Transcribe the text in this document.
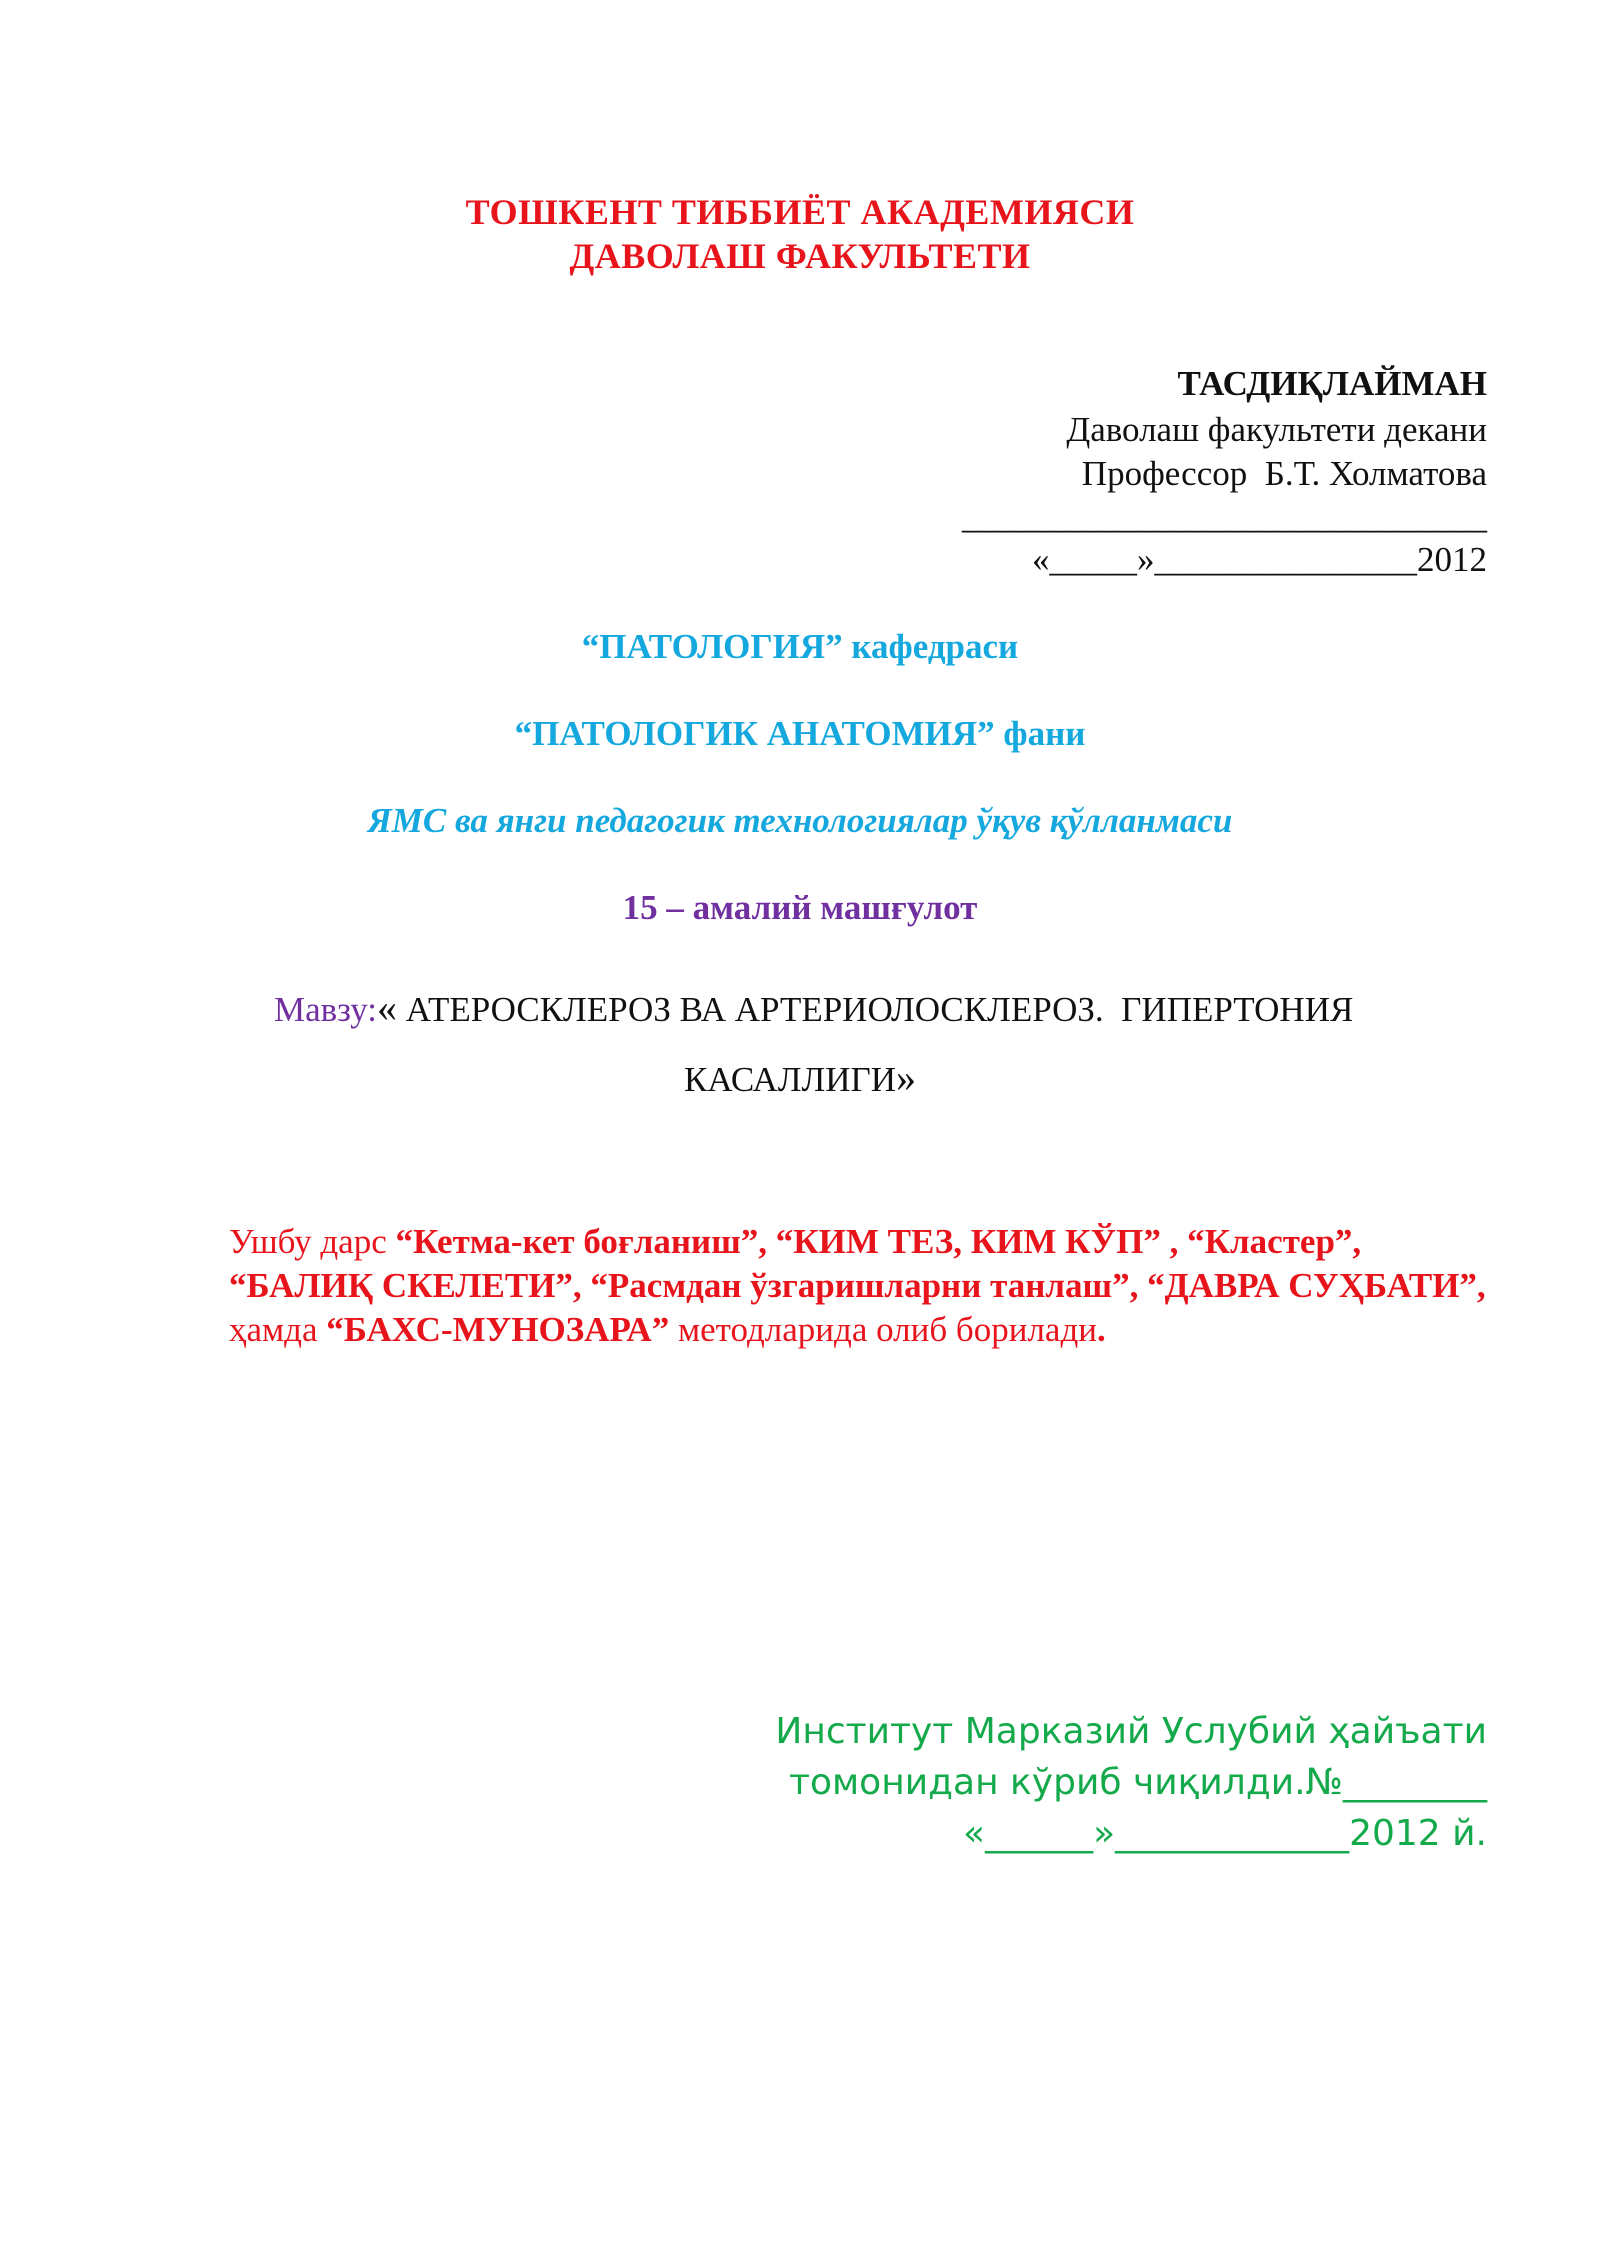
ТОШКЕНТ ТИББИЁТ АКАДЕМИЯСИ
ДАВОЛАШ ФАКУЛЬТЕТИ
ТАСДИҚЛАЙМАН
Даволаш факультети декани
Профессор  Б.Т. Холматова
______________________________
«_____»_______________2012
“ПАТОЛОГИЯ” кафедраси
“ПАТОЛОГИК АНАТОМИЯ” фани
ЯМС ва янги педагогик технологиялар ўқув қўлланмаси
15 – амалий машғулот
Мавзу:« АТЕРОСКЛЕРОЗ ВА АРТЕРИОЛОСКЛЕРОЗ.  ГИПЕРТОНИЯ
КАСАЛЛИГИ»
Ушбу дарс “Кетма-кет боғланиш”, “КИМ ТЕЗ, КИМ КЎП” , “Кластер”, “БАЛИҚ СКЕЛЕТИ”, “Расмдан ўзгаришларни танлаш”, “ДАВРА СУҲБАТИ”, ҳамда “БАХС-МУНОЗАРА” методларида олиб борилади.
Институт Марказий Услубий ҳайъати
томонидан кўриб чиқилди.№________
«______»_____________2012 й.
